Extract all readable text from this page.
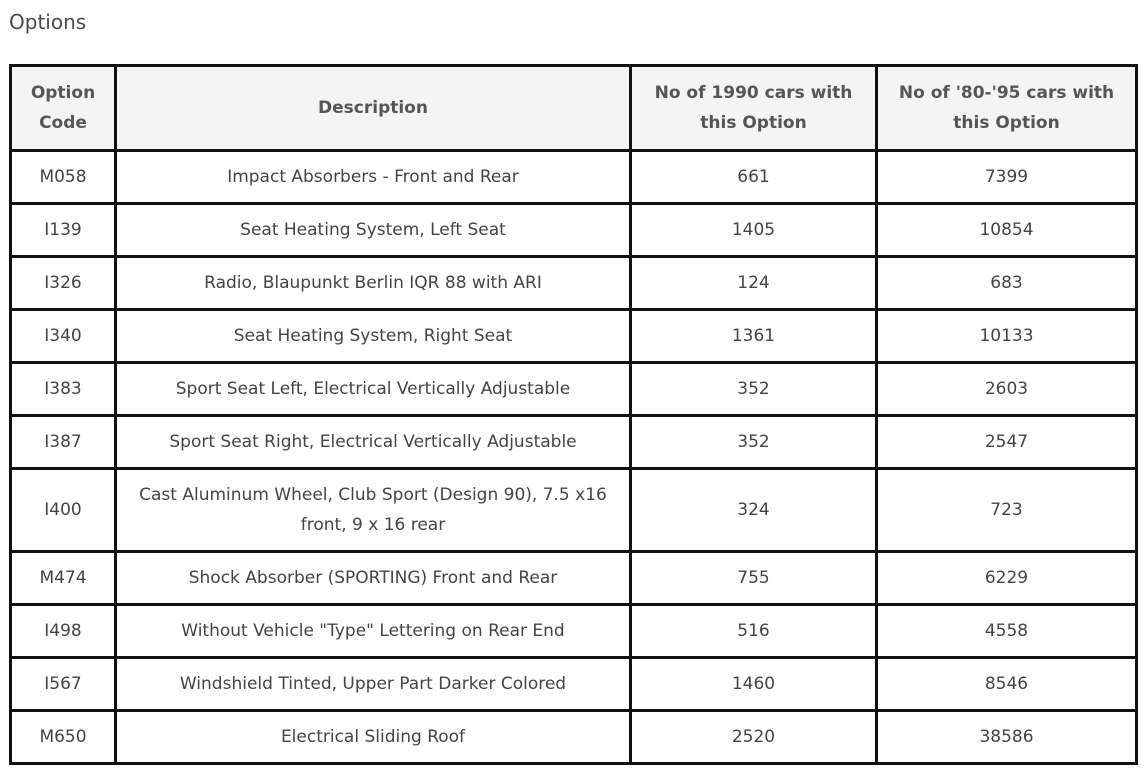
Options
Option Code	Description	No of 1990 cars with this Option	No of '80-'95 cars with this Option
M058	Impact Absorbers - Front and Rear	661	7399
I139	Seat Heating System, Left Seat	1405	10854
I326	Radio, Blaupunkt Berlin IQR 88 with ARI	124	683
I340	Seat Heating System, Right Seat	1361	10133
I383	Sport Seat Left, Electrical Vertically Adjustable	352	2603
I387	Sport Seat Right, Electrical Vertically Adjustable	352	2547
I400	Cast Aluminum Wheel, Club Sport (Design 90), 7.5 x16 front, 9 x 16 rear	324	723
M474	Shock Absorber (SPORTING) Front and Rear	755	6229
I498	Without Vehicle "Type" Lettering on Rear End	516	4558
I567	Windshield Tinted, Upper Part Darker Colored	1460	8546
M650	Electrical Sliding Roof	2520	38586
